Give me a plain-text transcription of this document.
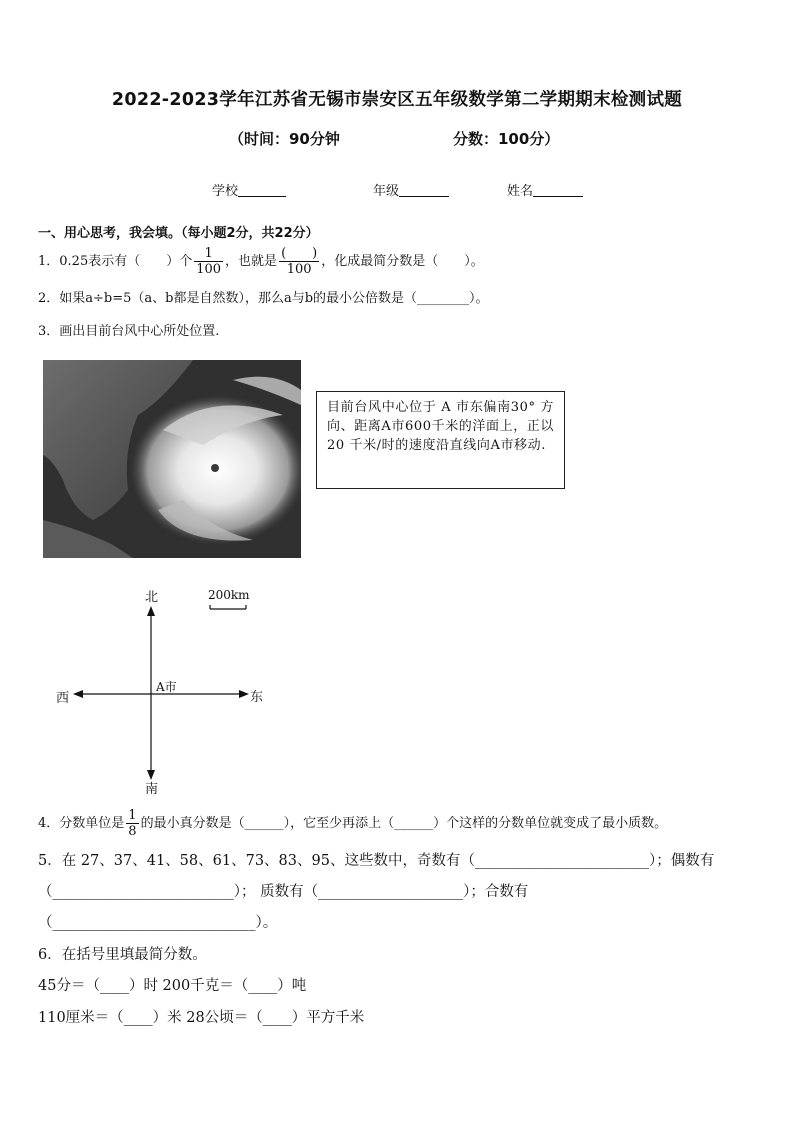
2022-2023学年江苏省无锡市崇安区五年级数学第二学期期末检测试题
（时间：90分钟	分数：100分）
学校	年级	姓名
一、用心思考，我会填。（每小题2分，共22分）
1．0.25表示有（　　）个 $\frac{1}{100}$ ，也就是 $\frac{( )}{100}$ ，化成最简分数是（　　）。
2．如果a÷b=5（a、b都是自然数），那么a与b的最小公倍数是（________）。
3．画出目前台风中心所处位置.
目前台风中心位于 A 市东偏南30° 方向、距离A市600千米的洋面上，正以 20 千米/时的速度沿直线向A市移动.
北
南
东
西
A市
200km
4．分数单位是 $\frac{1}{8}$ 的最小真分数是（______），它至少再添上（______）个这样的分数单位就变成了最小质数。
5．在 27、37、41、58、61、73、83、95、这些数中，奇数有（________________________）；偶数有
（_________________________）； 质数有（____________________）；合数有
（____________________________）。
6．在括号里填最简分数。
45分＝（____）时 200千克＝（____）吨
110厘米＝（____）米 28公顷＝（____）平方千米
